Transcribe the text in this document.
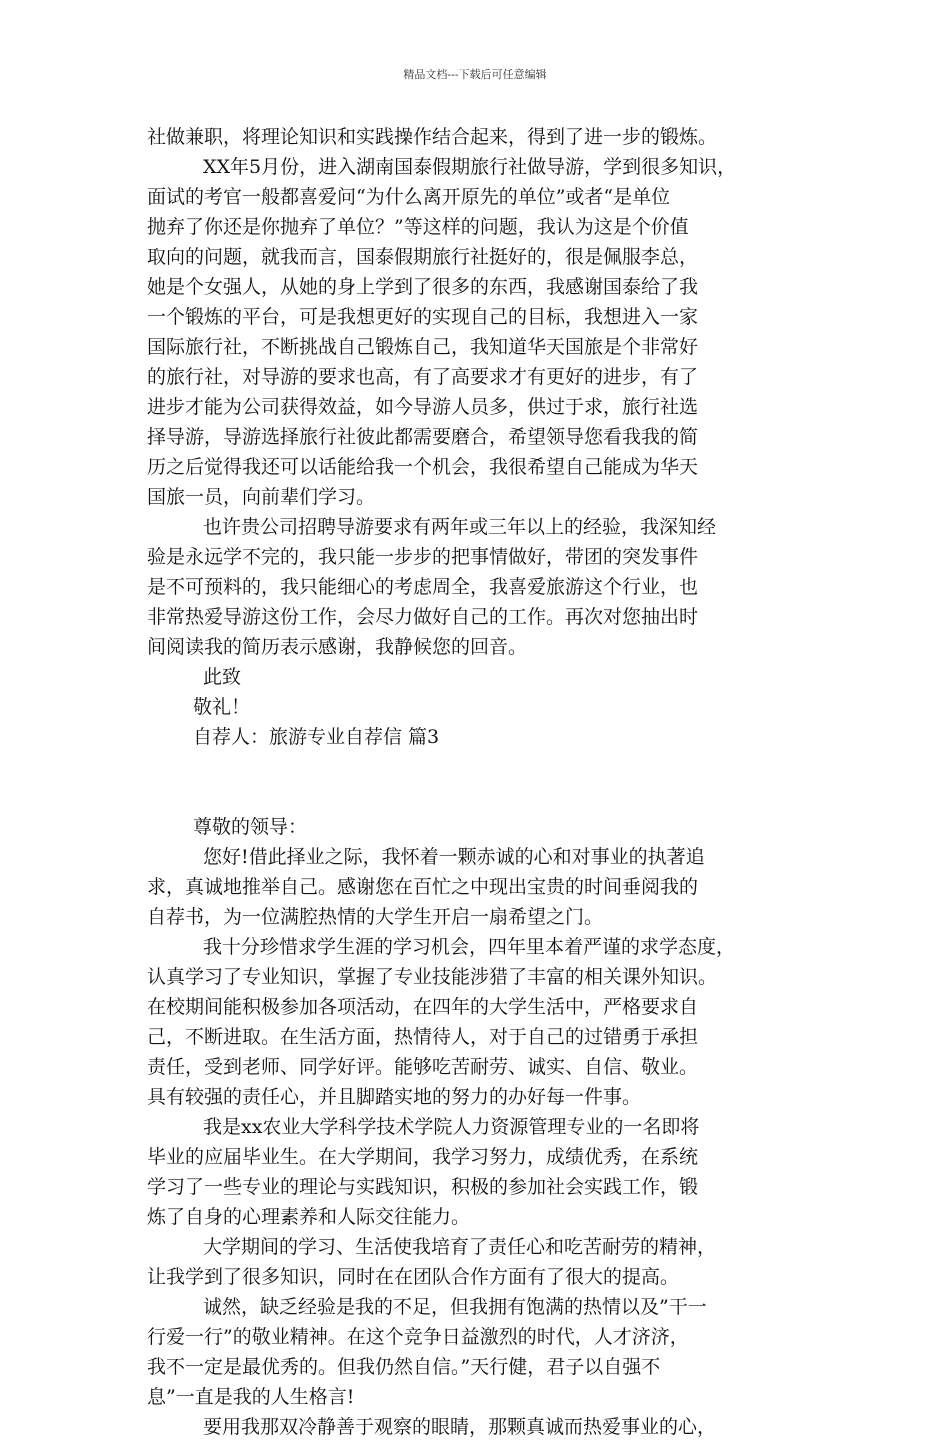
精品文档---下载后可任意编辑
社做兼职，将理论知识和实践操作结合起来，得到了进一步的锻炼。
XX年5月份，进入湖南国泰假期旅行社做导游，学到很多知识，
面试的考官一般都喜爱问“为什么离开原先的单位”或者“是单位
抛弃了你还是你抛弃了单位？”等这样的问题，我认为这是个价值
取向的问题，就我而言，国泰假期旅行社挺好的，很是佩服李总，
她是个女强人，从她的身上学到了很多的东西，我感谢国泰给了我
一个锻炼的平台，可是我想更好的实现自己的目标，我想进入一家
国际旅行社，不断挑战自己锻炼自己，我知道华天国旅是个非常好
的旅行社，对导游的要求也高，有了高要求才有更好的进步，有了
进步才能为公司获得效益，如今导游人员多，供过于求，旅行社选
择导游，导游选择旅行社彼此都需要磨合，希望领导您看我我的简
历之后觉得我还可以话能给我一个机会，我很希望自己能成为华天
国旅一员，向前辈们学习。
也许贵公司招聘导游要求有两年或三年以上的经验，我深知经
验是永远学不完的，我只能一步步的把事情做好，带团的突发事件
是不可预料的，我只能细心的考虑周全，我喜爱旅游这个行业，也
非常热爱导游这份工作，会尽力做好自己的工作。再次对您抽出时
间阅读我的简历表示感谢，我静候您的回音。
此致
敬礼！
自荐人：旅游专业自荐信 篇3
尊敬的领导：
您好!借此择业之际，我怀着一颗赤诚的心和对事业的执著追
求，真诚地推举自己。感谢您在百忙之中现出宝贵的时间垂阅我的
自荐书，为一位满腔热情的大学生开启一扇希望之门。
我十分珍惜求学生涯的学习机会，四年里本着严谨的求学态度，
认真学习了专业知识，掌握了专业技能涉猎了丰富的相关课外知识。
在校期间能积极参加各项活动，在四年的大学生活中，严格要求自
己，不断进取。在生活方面，热情待人，对于自己的过错勇于承担
责任，受到老师、同学好评。能够吃苦耐劳、诚实、自信、敬业。
具有较强的责任心，并且脚踏实地的努力的办好每一件事。
我是xx农业大学科学技术学院人力资源管理专业的一名即将
毕业的应届毕业生。在大学期间，我学习努力，成绩优秀，在系统
学习了一些专业的理论与实践知识，积极的参加社会实践工作，锻
炼了自身的心理素养和人际交往能力。
大学期间的学习、生活使我培育了责任心和吃苦耐劳的精神，
让我学到了很多知识，同时在在团队合作方面有了很大的提高。
诚然，缺乏经验是我的不足，但我拥有饱满的热情以及”干一
行爱一行”的敬业精神。在这个竞争日益激烈的时代，人才济济，
我不一定是最优秀的。但我仍然自信。”天行健，君子以自强不
息”一直是我的人生格言!
要用我那双冷静善于观察的眼睛，那颗真诚而热爱事业的心，
